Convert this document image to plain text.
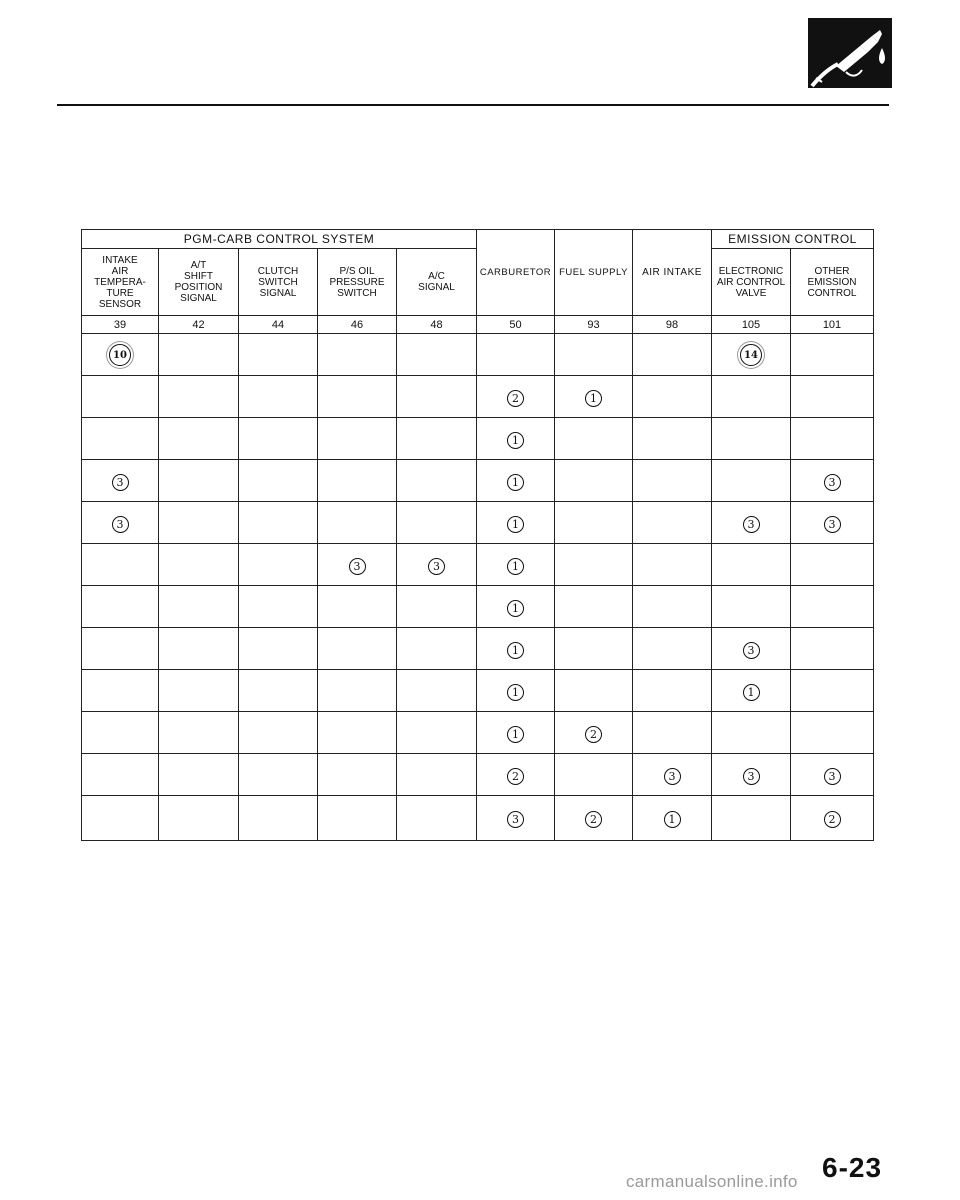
PGM-CARB CONTROL SYSTEM					CARBURETOR	FUEL SUPPLY	AIR INTAKE	EMISSION CONTROL	
INTAKE
AIR
TEMPERA-
TURE
SENSOR	A/T
SHIFT
POSITION
SIGNAL	CLUTCH
SWITCH
SIGNAL	P/S OIL
PRESSURE
SWITCH	A/C
SIGNAL				ELECTRONIC
AIR CONTROL
VALVE	OTHER
EMISSION
CONTROL
39	42	44	46	48	50	93	98	105	101
10								14	
					2	1			
					1				
3					1				3
3					1			3	3
			3	3	1				
					1				
					1			3	
					1			1	
					1	2			
					2		3	3	3
					3	2	1		2
6-23
carmanualsonline.info
